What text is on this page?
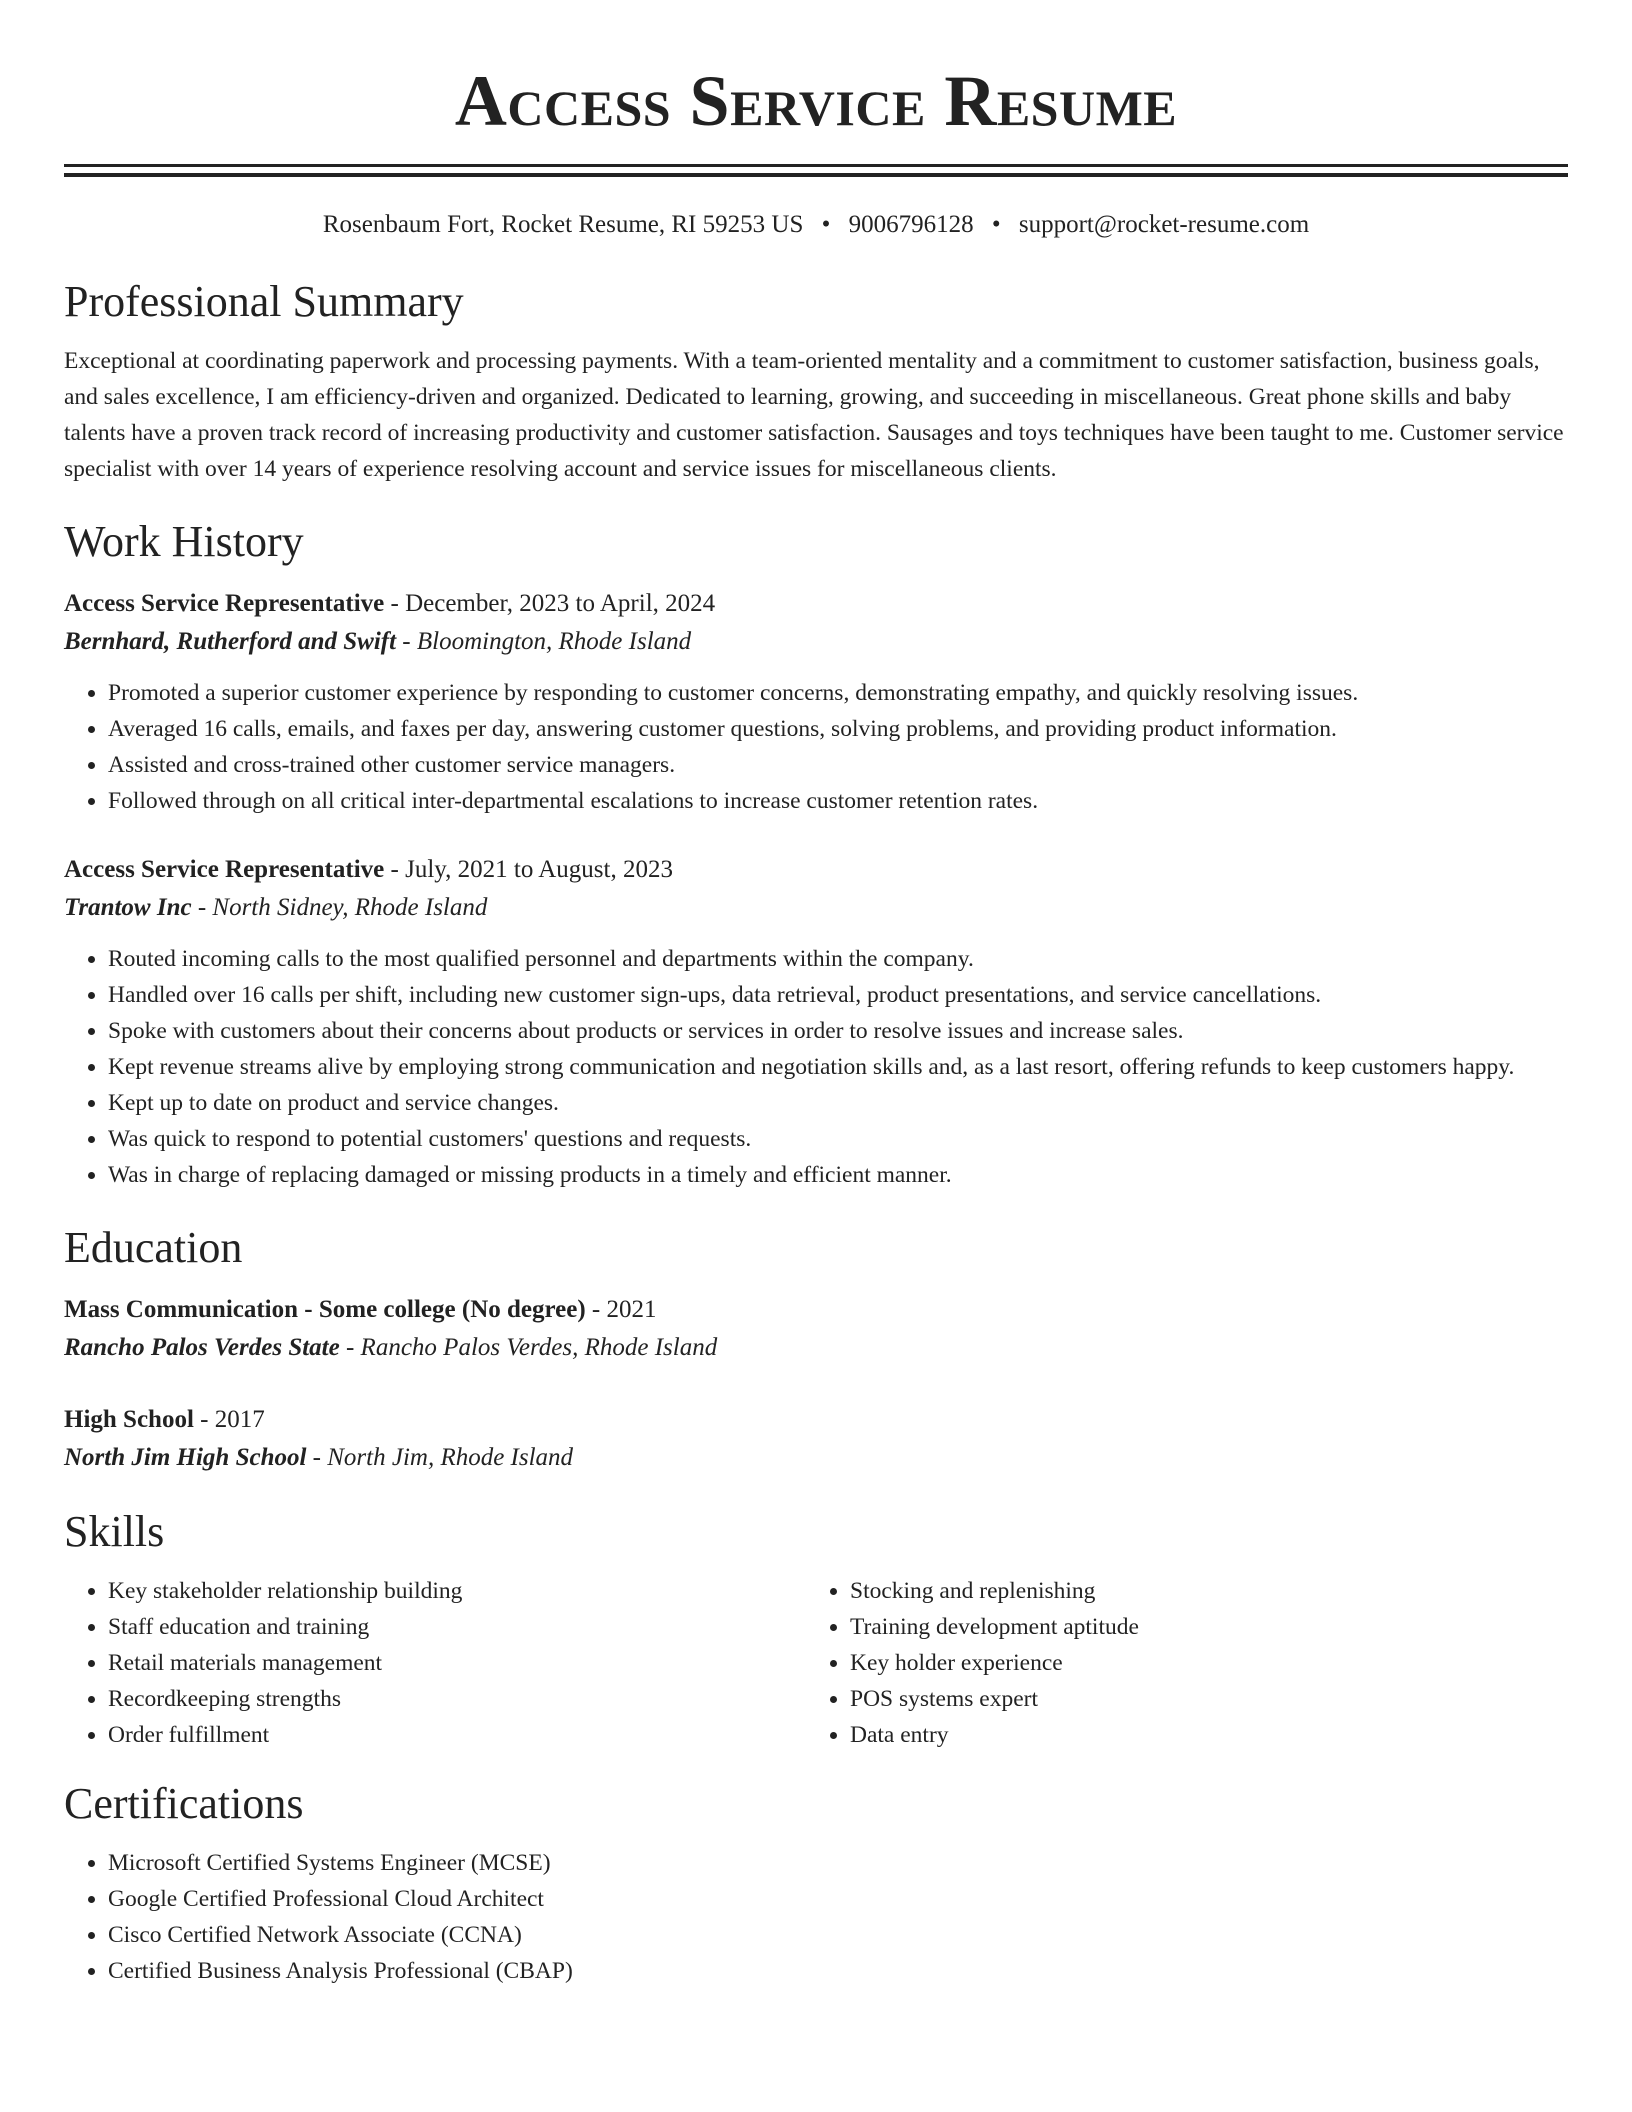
Access Service Resume
Rosenbaum Fort, Rocket Resume, RI 59253 US • 9006796128 • support@rocket-resume.com
Professional Summary

Exceptional at coordinating paperwork and processing payments. With a team-oriented mentality and a commitment to customer satisfaction, business goals, and sales excellence, I am efficiency-driven and organized. Dedicated to learning, growing, and succeeding in miscellaneous. Great phone skills and baby talents have a proven track record of increasing productivity and customer satisfaction. Sausages and toys techniques have been taught to me. Customer service specialist with over 14 years of experience resolving account and service issues for miscellaneous clients.

Work History

Access Service Representative - December, 2023 to April, 2024

Bernhard, Rutherford and Swift - Bloomington, Rhode Island

• Promoted a superior customer experience by responding to customer concerns, demonstrating empathy, and quickly resolving issues.
• Averaged 16 calls, emails, and faxes per day, answering customer questions, solving problems, and providing product information.
• Assisted and cross-trained other customer service managers.
• Followed through on all critical inter-departmental escalations to increase customer retention rates.

Access Service Representative - July, 2021 to August, 2023

Trantow Inc - North Sidney, Rhode Island

• Routed incoming calls to the most qualified personnel and departments within the company.
• Handled over 16 calls per shift, including new customer sign-ups, data retrieval, product presentations, and service cancellations.
• Spoke with customers about their concerns about products or services in order to resolve issues and increase sales.
• Kept revenue streams alive by employing strong communication and negotiation skills and, as a last resort, offering refunds to keep customers happy.
• Kept up to date on product and service changes.
• Was quick to respond to potential customers' questions and requests.
• Was in charge of replacing damaged or missing products in a timely and efficient manner.
Education

Mass Communication - Some college (No degree) - 2021

Rancho Palos Verdes State - Rancho Palos Verdes, Rhode Island

High School - 2017

North Jim High School - North Jim, Rhode Island

Skills
• Key stakeholder relationship building
• Staff education and training
• Retail materials management
• Recordkeeping strengths
• Order fulfillment
• Stocking and replenishing
• Training development aptitude
• Key holder experience
• POS systems expert
• Data entry
Certifications
• Microsoft Certified Systems Engineer (MCSE)
• Google Certified Professional Cloud Architect
• Cisco Certified Network Associate (CCNA)
• Certified Business Analysis Professional (CBAP)
